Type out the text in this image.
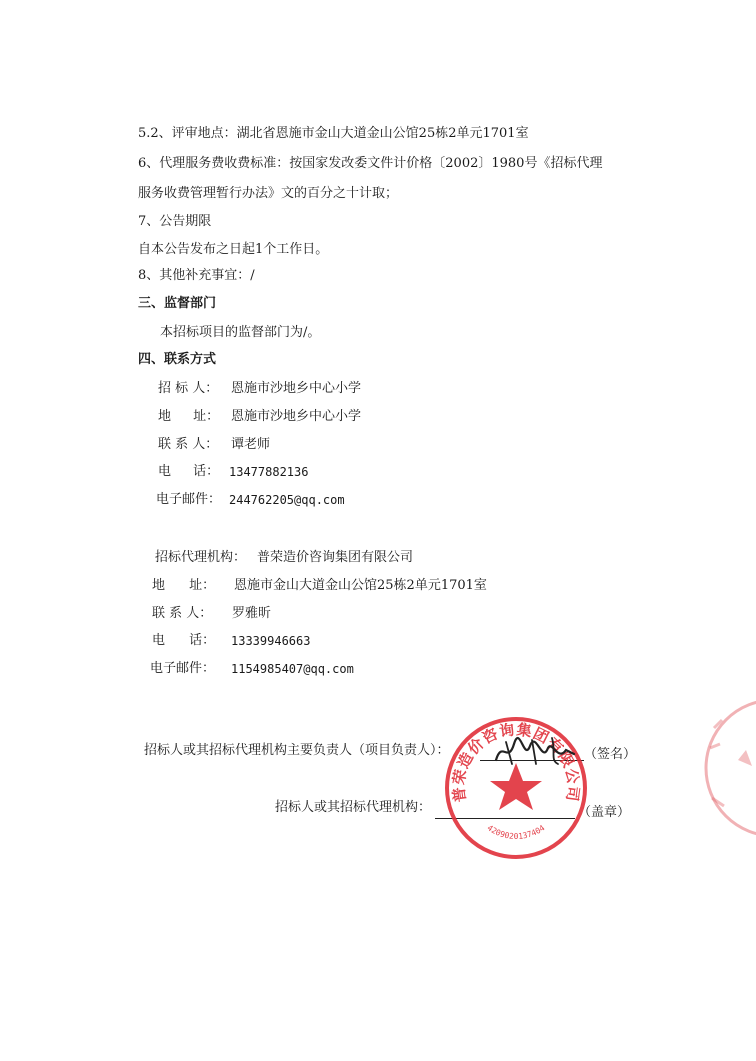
5.2、评审地点：湖北省恩施市金山大道金山公馆25栋2单元1701室
6、代理服务费收费标准：按国家发改委文件计价格〔2002〕1980号《招标代理
服务收费管理暂行办法》文的百分之十计取；
7、公告期限
自本公告发布之日起1个工作日。
8、其他补充事宜：/
三、监督部门
本招标项目的监督部门为/。
四、联系方式
招 标 人： 恩施市沙地乡中心小学
地 址： 恩施市沙地乡中心小学
联 系 人： 谭老师
电 话： 13477882136
电子邮件： 244762205@qq.com
招标代理机构： 普荣造价咨询集团有限公司
地 址： 恩施市金山大道金山公馆25栋2单元1701室
联 系 人： 罗雅昕
电 话： 13339946663
电子邮件： 1154985407@qq.com
招标人或其招标代理机构主要负责人（项目负责人）：	（签名）
招标人或其招标代理机构：	（盖章）
普荣造价咨询集团有限公司
4209020137404
